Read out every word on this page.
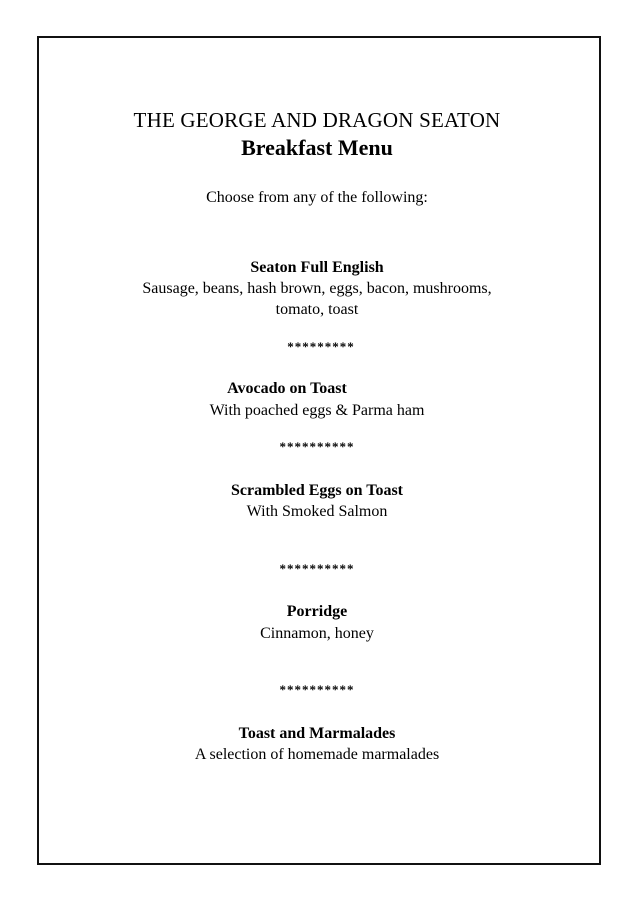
THE GEORGE AND DRAGON SEATON
Breakfast Menu
Choose from any of the following:
Seaton Full English
Sausage, beans, hash brown, eggs, bacon, mushrooms,
tomato, toast
*********
Avocado on Toast
With poached eggs & Parma ham
**********
Scrambled Eggs on Toast
With Smoked Salmon
**********
Porridge
Cinnamon, honey
**********
Toast and Marmalades
A selection of homemade marmalades
